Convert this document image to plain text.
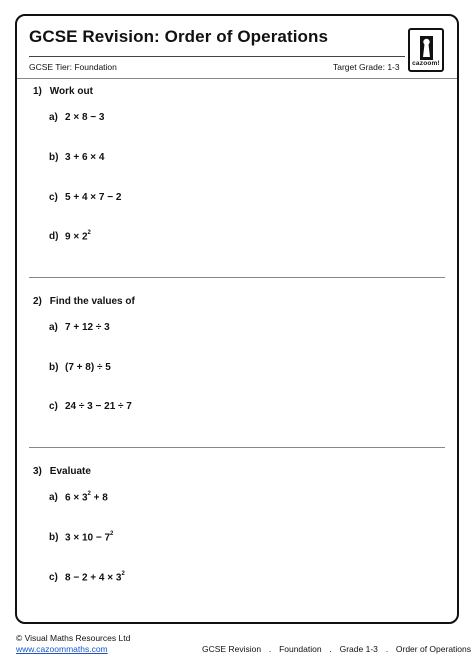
GCSE Revision: Order of Operations
GCSE Tier: Foundation	Target Grade: 1-3	cazoom!
1) Work out
a) 2 × 8 − 3
b) 3 + 6 × 4
c) 5 + 4 × 7 − 2
d) $9 \times 2^2$
2) Find the values of
a) 7 + 12 ÷ 3
b) (7 + 8) ÷ 5
c) 24 ÷ 3 − 21 ÷ 7
3) Evaluate
a) $6 \times 3^2 + 8$
b) $3 \times 10 - 7^2$
c) $8 - 2 + 4 \times 3^2$
© Visual Maths Resources Ltd
www.cazoommaths.com	GCSE Revision . Foundation . Grade 1-3 . Order of Operations
